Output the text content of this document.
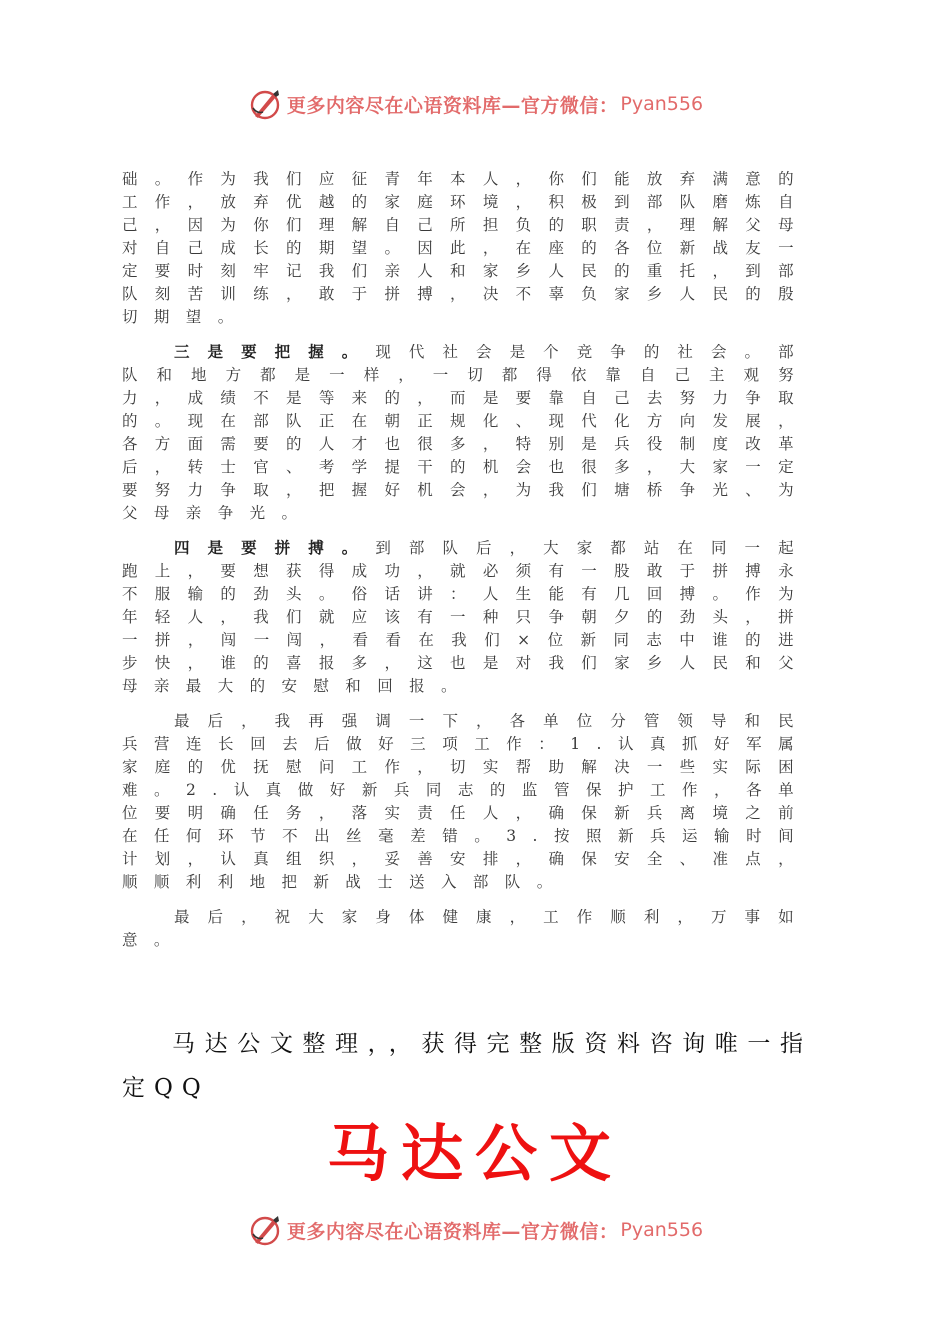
更多内容尽在心语资料库—官方微信： Pyan556

础。作为我们应征青年本人，你们能放弃满意的工作，放弃优越的家庭环境，积极到部队磨炼自己，因为你们理解自己所担负的职责，理解父母对自己成长的期望。因此，在座的各位新战友一定要时刻牢记我们亲人和家乡人民的重托，到部队刻苦训练，敢于拼搏，决不辜负家乡人民的殷切期望。

三是要把握。现代社会是个竞争的社会。部队和地方都是一样，一切都得依靠自己主观努力，成绩不是等来的，而是要靠自己去努力争取的。现在部队正在朝正规化、现代化方向发展，各方面需要的人才也很多，特别是兵役制度改革后，转士官、考学提干的机会也很多，大家一定要努力争取，把握好机会，为我们塘桥争光、为父母亲争光。

四是要拼搏。到部队后，大家都站在同一起跑上，要想获得成功，就必须有一股敢于拼搏永不服输的劲头。俗话讲：人生能有几回搏。作为年轻人，我们就应该有一种只争朝夕的劲头，拼一拼，闯一闯，看看在我们×位新同志中谁的进步快，谁的喜报多，这也是对我们家乡人民和父母亲最大的安慰和回报。

最后，我再强调一下，各单位分管领导和民兵营连长回去后做好三项工作：1.认真抓好军属家庭的优抚慰问工作，切实帮助解决一些实际困难。2.认真做好新兵同志的监管保护工作，各单位要明确任务，落实责任人，确保新兵离境之前在任何环节不出丝毫差错。3.按照新兵运输时间计划，认真组织，妥善安排，确保安全、准点，顺顺利利地把新战士送入部队。

最后，祝大家身体健康，工作顺利，万事如意。

马达公文整理，，获得完整版资料咨询唯一指定QQ
马达公文
更多内容尽在心语资料库—官方微信： Pyan556
